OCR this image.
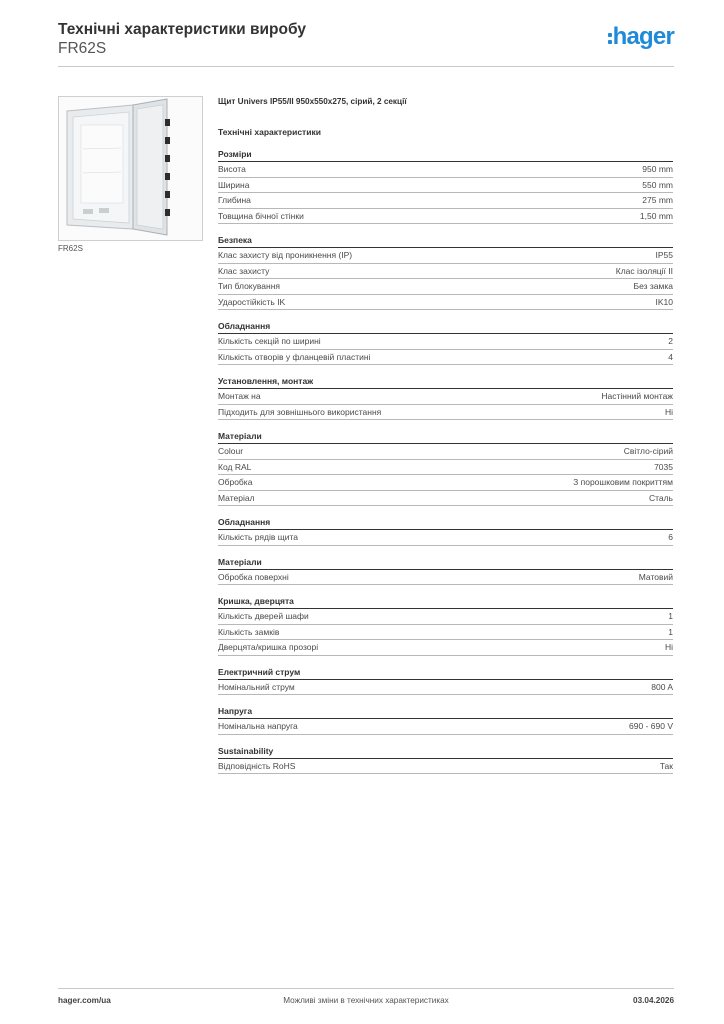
Технічні характеристики виробу
FR62S	hager
FR62S
Щит Univers IP55/II 950x550x275, сірий, 2 секції
Технічні характеристики
Розміри
Висота	950 mm
Ширина	550 mm
Глибина	275 mm
Товщина бічної стінки	1,50 mm
Безпека
Клас захисту від проникнення (IP)	IP55
Клас захисту	Клас ізоляції II
Тип блокування	Без замка
Ударостійкість IK	IK10
Обладнання
Кількість секцій по ширині	2
Кількість отворів у фланцевій пластині	4
Установлення, монтаж
Монтаж на	Настінний монтаж
Підходить для зовнішнього використання	Ні
Матеріали
Colour	Світло-сірий
Код RAL	7035
Обробка	З порошковим покриттям
Матеріал	Сталь
Обладнання
Кількість рядів щита	6
Матеріали
Обробка поверхні	Матовий
Кришка, дверцята
Кількість дверей шафи	1
Кількість замків	1
Дверцята/кришка прозорі	Ні
Електричний струм
Номінальний струм	800 A
Напруга
Номінальна напруга	690 - 690 V
Sustainability
Відповідність RoHS	Так
hager.com/ua	Можливі зміни в технічних характеристиках	03.04.2026
